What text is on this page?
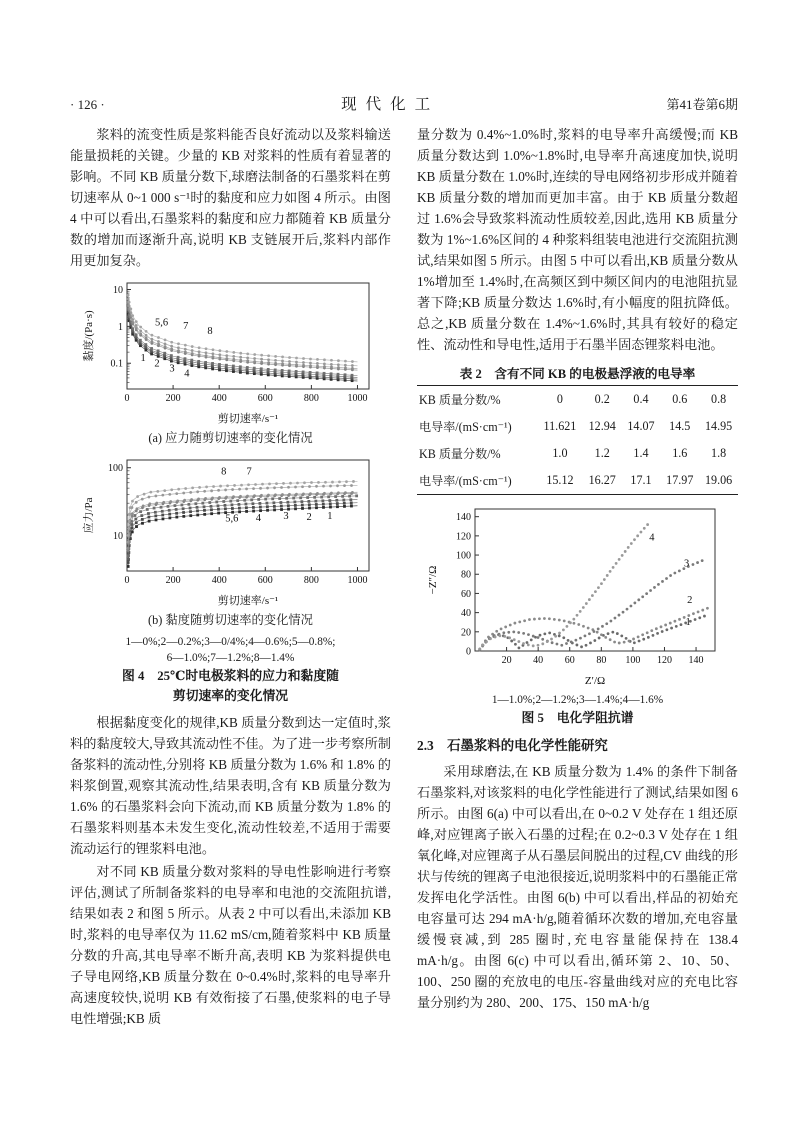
· 126 ·	现代化工	第41卷第6期

浆料的流变性质是浆料能否良好流动以及浆料输送能量损耗的关键。少量的 KB 对浆料的性质有着显著的影响。不同 KB 质量分数下,球磨法制备的石墨浆料在剪切速率从 0~1 000 s⁻¹时的黏度和应力如图 4 所示。由图 4 中可以看出,石墨浆料的黏度和应力都随着 KB 质量分数的增加而逐渐升高,说明 KB 支链展开后,浆料内部作用更加复杂。

0	200	400	600	800	1000
0.1
1
10
剪切速率/s⁻¹
黏度/(Pa·s)	1 2 3 4
5,6 7 8
(a) 应力随剪切速率的变化情况
0	200	400	600	800	1000
10
100
剪切速率/s⁻¹
应力/Pa
8 7
5,6 4 3 2 1
(b) 黏度随剪切速率的变化情况
1—0%;2—0.2%;3—0/4%;4—0.6%;5—0.8%;
6—1.0%;7—1.2%;8—1.4%
图 4　25℃时电极浆料的应力和黏度随
剪切速率的变化情况

根据黏度变化的规律,KB 质量分数到达一定值时,浆料的黏度较大,导致其流动性不佳。为了进一步考察所制备浆料的流动性,分别将 KB 质量分数为 1.6% 和 1.8% 的料浆倒置,观察其流动性,结果表明,含有 KB 质量分数为 1.6% 的石墨浆料会向下流动,而 KB 质量分数为 1.8% 的石墨浆料则基本未发生变化,流动性较差,不适用于需要流动运行的锂浆料电池。

对不同 KB 质量分数对浆料的导电性影响进行考察评估,测试了所制备浆料的电导率和电池的交流阻抗谱,结果如表 2 和图 5 所示。从表 2 中可以看出,未添加 KB 时,浆料的电导率仅为 11.62 mS/cm,随着浆料中 KB 质量分数的升高,其电导率不断升高,表明 KB 为浆料提供电子导电网络,KB 质量分数在 0~0.4%时,浆料的电导率升高速度较快,说明 KB 有效衔接了石墨,使浆料的电子导电性增强;KB 质

量分数为 0.4%~1.0%时,浆料的电导率升高缓慢;而 KB 质量分数达到 1.0%~1.8%时,电导率升高速度加快,说明 KB 质量分数在 1.0%时,连续的导电网络初步形成并随着 KB 质量分数的增加而更加丰富。由于 KB 质量分数超过 1.6%会导致浆料流动性质较差,因此,选用 KB 质量分数为 1%~1.6%区间的 4 种浆料组装电池进行交流阻抗测试,结果如图 5 所示。由图 5 中可以看出,KB 质量分数从 1%增加至 1.4%时,在高频区到中频区间内的电池阻抗显著下降;KB 质量分数达 1.6%时,有小幅度的阻抗降低。总之,KB 质量分数在 1.4%~1.6%时,其具有较好的稳定性、流动性和导电性,适用于石墨半固态锂浆料电池。

表 2　含有不同 KB 的电极悬浮液的电导率
KB 质量分数/%	0	0.2	0.4	0.6	0.8
电导率/(mS·cm⁻¹)	11.621	12.94	14.07	14.5	14.95
KB 质量分数/%	1.0	1.2	1.4	1.6	1.8
电导率/(mS·cm⁻¹)	15.12	16.27	17.1	17.97	19.06
20 40 60 80 100 120 140
0
20
40
60
80
100
120
140
Z′/Ω
−Z″/Ω
4
3
2
1
1—1.0%;2—1.2%;3—1.4%;4—1.6%
图 5　电化学阻抗谱
2.3　石墨浆料的电化学性能研究

采用球磨法,在 KB 质量分数为 1.4% 的条件下制备石墨浆料,对该浆料的电化学性能进行了测试,结果如图 6 所示。由图 6(a) 中可以看出,在 0~0.2 V 处存在 1 组还原峰,对应锂离子嵌入石墨的过程;在 0.2~0.3 V 处存在 1 组氧化峰,对应锂离子从石墨层间脱出的过程,CV 曲线的形状与传统的锂离子电池很接近,说明浆料中的石墨能正常发挥电化学活性。由图 6(b) 中可以看出,样品的初始充电容量可达 294 mA·h/g,随着循环次数的增加,充电容量缓慢衰减,到 285 圈时,充电容量能保持在 138.4 mA·h/g。由图 6(c) 中可以看出,循环第 2、10、50、100、250 圈的充放电的电压-容量曲线对应的充电比容量分别约为 280、200、175、150 mA·h/g
